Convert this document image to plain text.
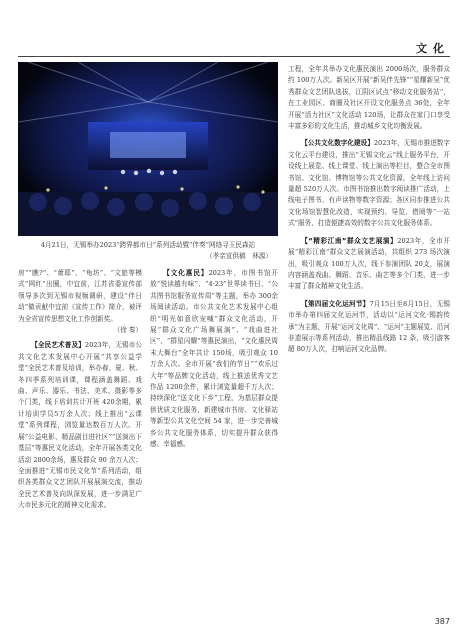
文化
4月21日，无锡举办2023“跨界都市日”系列活动暨“伴奏”网络寻玉民森站
（孝亲宣供稿　林源）

房”“瞧?”、“萧耶”、“龟坊”、“文旅等模式”网红”出圈，中宜前，江苏省委宣传部领导多次到无锡市视频调研，建设“伴日动”做贡献中宜前《宣传工作》简介，被评为全省宣传思想文化工作创新奖。

（徐 秦）

【全民艺术普及】2023年，无锡市公共文化艺术发展中心开展“共享公益学堂”全民艺术普及培训，举办春、夏、秋、冬四季系列培训课，课程涵盖舞蹈、戏曲、声乐、器乐、书法、美术、摄影等多个门类，线下培训共计开班 420余期，累计培训学员5万余人次；线上推出“云课堂”系列课程，浏览量达数百万人次。开展“公益电影、精品剧目进社区”“送演出下基层”等惠民文化活动，全年开展各类文化活动 2800余场，惠及群众 90 余万人次；全面推进“无锡市民文化节”系列活动，组织各类群众文艺团队开展展演交流，推动全民艺术普及向纵深发展，进一步满足广大市民多元化的精神文化需求。

【文化惠民】2023年，市图书馆开放“悦读越有味”、“4·23”世界读书日、“公共图书馆服务宣传周”等主题，举办 300余场阅读活动。市公共文化艺术发展中心组织“明光如意欣宠喊”群众文化活动，开展“群众文化广场舞展演”、“戏曲进社区”、“群星闪耀”等惠民演出，“文化惠民周末大舞台”全年共计 150场，吸引观众 10 万余人次。全市开展“我们的节日”“欢乐过大年”等品牌文化活动，线上推送优秀文艺作品 1200余件，累计浏览量超千万人次；持续深化“送文化下乡”工程，为基层群众提供优质文化服务，新建城市书房、文化驿站等新型公共文化空间 54 家，进一步完善城乡公共文化服务体系，切实提升群众获得感、幸福感。

工程，全年共举办文化惠民演出 2000场次，服务群众约 100万人次。新吴区开展“新吴伴先锋”“星耀新吴”优秀群众文艺团队选拔，江阴区试点“移动文化服务站”，在工业园区、商圈及社区开设文化服务点 36处，全年开展“活力社区”文化活动 120场，让群众在家门口享受丰富多彩的文化生活，推动城乡文化均衡发展。

【公共文化数字化建设】2023年，无锡市推进数字文化云平台建设，推出“无锡文化云”线上服务平台，开设线上展览、线上课堂、线上演出等栏目，整合全市图书馆、文化馆、博物馆等公共文化资源，全年线上访问量超 520万人次。市图书馆推出数字阅读推广活动，上线电子图书、有声读物等数字资源；各区同步推进公共文化场馆智慧化改造，实现预约、导览、借阅等“一站式”服务，打造便捷高效的数字公共文化服务体系。

【“精彩江南”群众文艺展演】2023年，全市开展“精彩江南”群众文艺展演活动，共组织 273 场次演出，吸引观众 100万人次，线下参演团队 20支，展演内容涵盖戏曲、舞蹈、音乐、曲艺等多个门类，进一步丰富了群众精神文化生活。

【第四届文化运河节】7月15日至8月15日，无锡市举办第四届文化运河节，活动以“运河文化·锡韵传承”为主题，开展“运河文化周”、“运河”主题展览、沿河非遗展示等系列活动，推出精品线路 12 条，吸引游客超 80万人次，打响运河文化品牌。

387
